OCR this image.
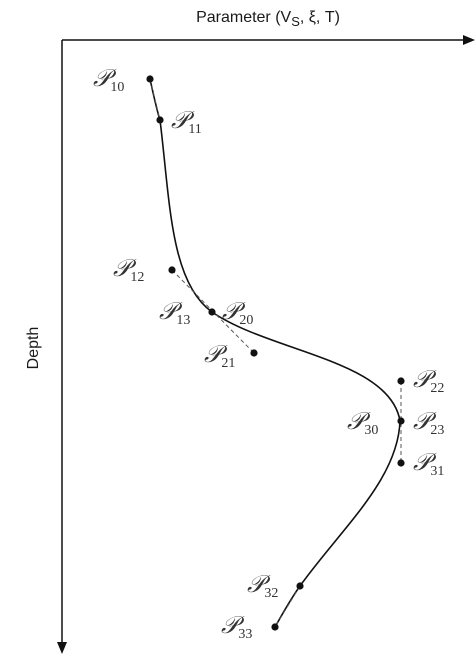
Parameter ($V_S$, ξ, T)
Depth
𝒫$_{10}$
𝒫$_{11}$
𝒫$_{12}$
𝒫$_{13}$ 𝒫$_{20}$
𝒫$_{21}$
𝒫$_{22}$
𝒫$_{23}$
𝒫$_{30}$
𝒫$_{31}$
𝒫$_{32}$
𝒫$_{33}$
